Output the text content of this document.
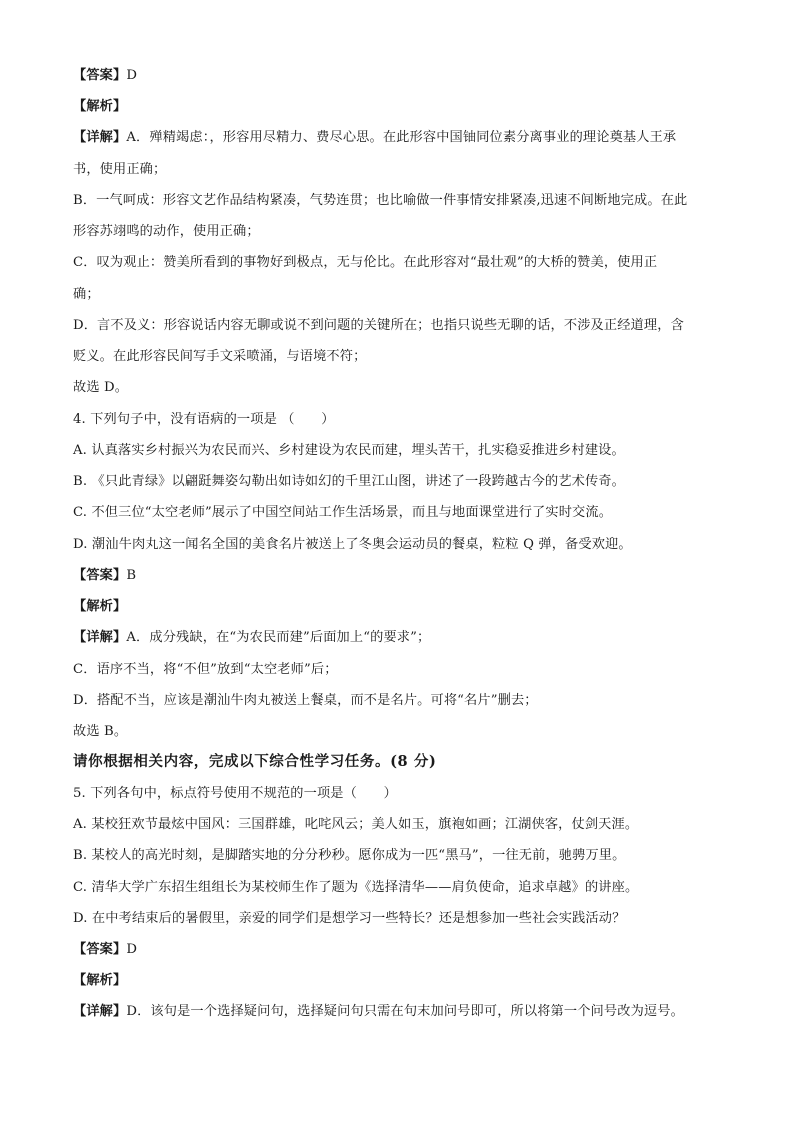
【答案】D
【解析】
【详解】A．殚精竭虑：，形容用尽精力、费尽心思。在此形容中国铀同位素分离事业的理论奠基人王承
书，使用正确；
B．一气呵成：形容文艺作品结构紧凑，气势连贯；也比喻做一件事情安排紧凑,迅速不间断地完成。在此
形容苏翊鸣的动作，使用正确；
C．叹为观止：赞美所看到的事物好到极点，无与伦比。在此形容对“最壮观”的大桥的赞美，使用正
确；
D．言不及义：形容说话内容无聊或说不到问题的关键所在；也指只说些无聊的话，不涉及正经道理，含
贬义。在此形容民间写手文采喷涌，与语境不符；
故选 D。
4. 下列句子中，没有语病的一项是 （　　）
A. 认真落实乡村振兴为农民而兴、乡村建设为农民而建，埋头苦干，扎实稳妥推进乡村建设。
B. 《只此青绿》以翩跹舞姿勾勒出如诗如幻的千里江山图，讲述了一段跨越古今的艺术传奇。
C. 不但三位“太空老师”展示了中国空间站工作生活场景，而且与地面课堂进行了实时交流。
D. 潮汕牛肉丸这一闻名全国的美食名片被送上了冬奥会运动员的餐桌，粒粒 Q 弹，备受欢迎。
【答案】B
【解析】
【详解】A．成分残缺，在“为农民而建”后面加上“的要求”；
C．语序不当，将“不但”放到“太空老师”后；
D．搭配不当，应该是潮汕牛肉丸被送上餐桌，而不是名片。可将“名片”删去；
故选 B。
请你根据相关内容，完成以下综合性学习任务。(8 分)
5. 下列各句中，标点符号使用不规范的一项是（　　）
A. 某校狂欢节最炫中国风：三国群雄，叱咤风云；美人如玉，旗袍如画；江湖侠客，仗剑天涯。
B. 某校人的高光时刻，是脚踏实地的分分秒秒。愿你成为一匹“黑马”，一往无前，驰骋万里。
C. 清华大学广东招生组组长为某校师生作了题为《选择清华——肩负使命，追求卓越》的讲座。
D. 在中考结束后的暑假里，亲爱的同学们是想学习一些特长？还是想参加一些社会实践活动？
【答案】D
【解析】
【详解】D．该句是一个选择疑问句，选择疑问句只需在句末加问号即可，所以将第一个问号改为逗号。
